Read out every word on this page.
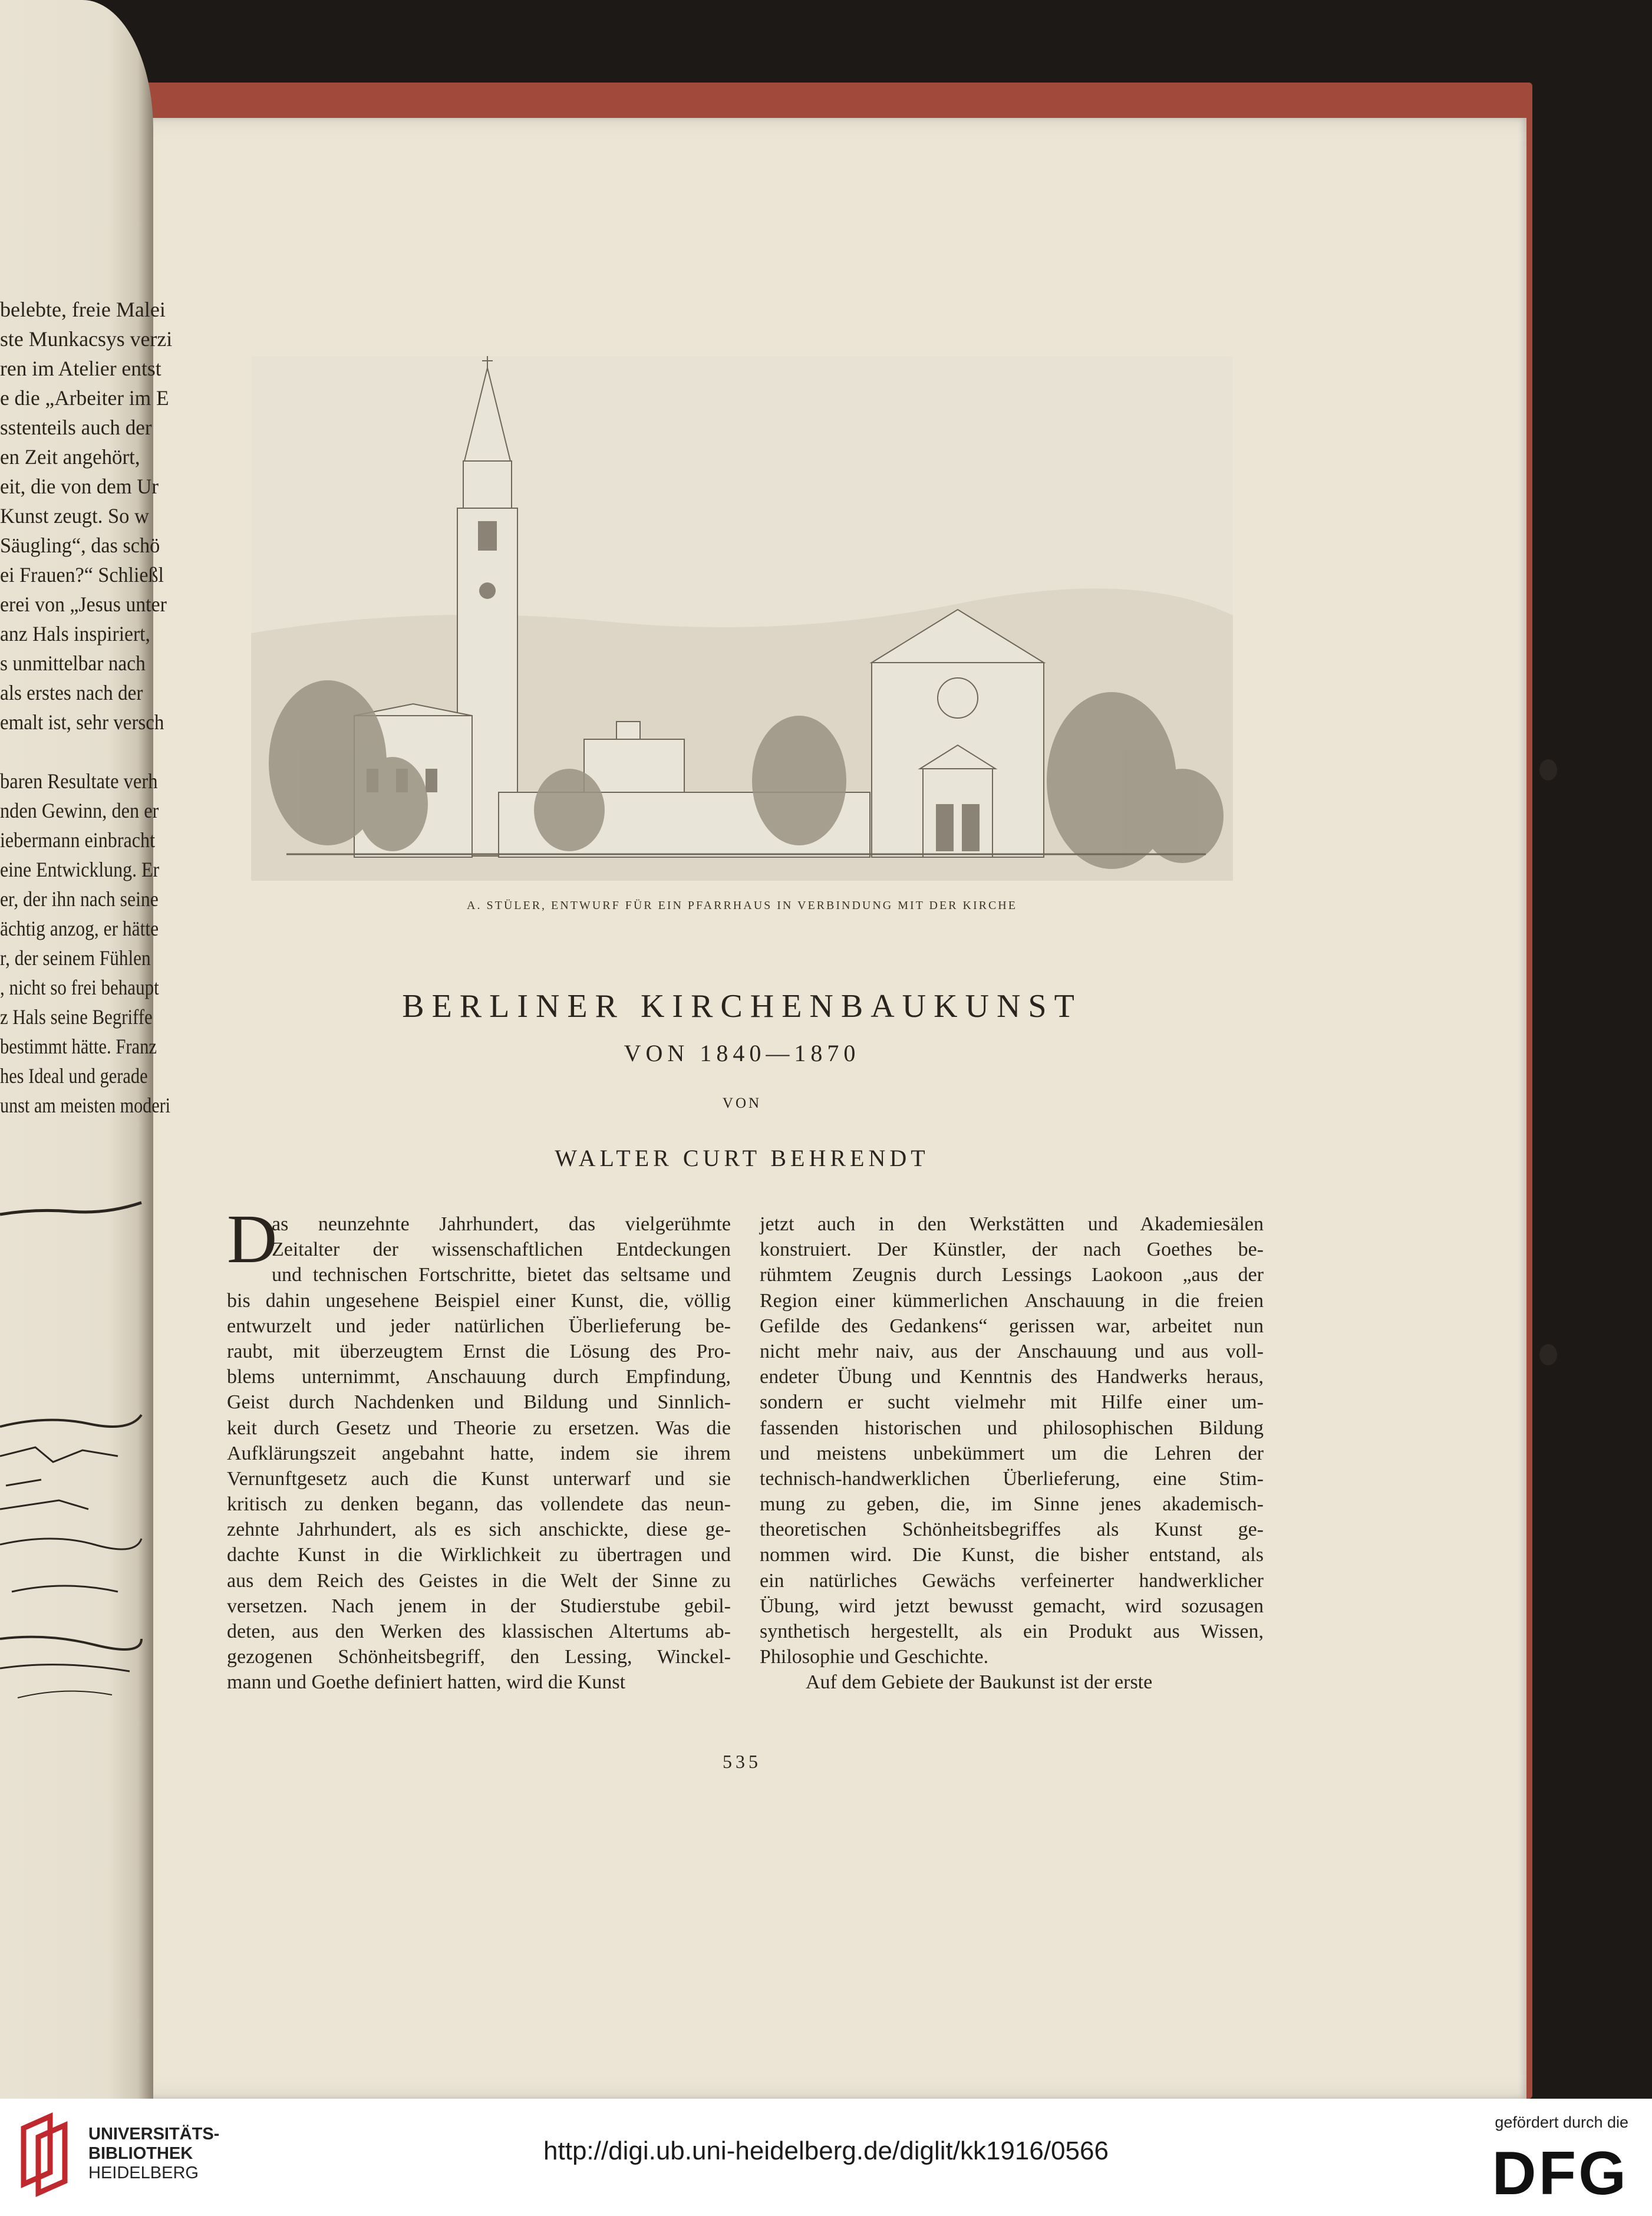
belebte, freie Malei
ste Munkacsys verzi
ren im Atelier entst
e die „Arbeiter im E
sstenteils auch der
en Zeit angehört,
eit, die von dem Ur
Kunst zeugt. So w
Säugling“, das schö
ei Frauen?“ Schließl
erei von „Jesus unter
anz Hals inspiriert,
s unmittelbar nach
als erstes nach der
emalt ist, sehr versch

baren Resultate verh
nden Gewinn, den er
iebermann einbracht
eine Entwicklung. Er
er, der ihn nach seine
ächtig anzog, er hätte
r, der seinem Fühlen
, nicht so frei behaupt
z Hals seine Begriffe
bestimmt hätte. Franz
hes Ideal und gerade
unst am meisten moderi
A. STÜLER, ENTWURF FÜR EIN PFARRHAUS IN VERBINDUNG MIT DER KIRCHE
BERLINER KIRCHENBAUKUNST
VON 1840—1870
VON
WALTER CURT BEHRENDT
D
as neunzehnte Jahrhundert, das vielgerühmte
Zeitalter der wissenschaftlichen Entdeckungen
und technischen Fortschritte, bietet das seltsame und
bis dahin ungesehene Beispiel einer Kunst, die, völlig
entwurzelt und jeder natürlichen Überlieferung be-
raubt, mit überzeugtem Ernst die Lösung des Pro-
blems unternimmt, Anschauung durch Empfindung,
Geist durch Nachdenken und Bildung und Sinnlich-
keit durch Gesetz und Theorie zu ersetzen. Was die
Aufklärungszeit angebahnt hatte, indem sie ihrem
Vernunftgesetz auch die Kunst unterwarf und sie
kritisch zu denken begann, das vollendete das neun-
zehnte Jahrhundert, als es sich anschickte, diese ge-
dachte Kunst in die Wirklichkeit zu übertragen und
aus dem Reich des Geistes in die Welt der Sinne zu
versetzen. Nach jenem in der Studierstube gebil-
deten, aus den Werken des klassischen Altertums ab-
gezogenen Schönheitsbegriff, den Lessing, Winckel-
mann und Goethe definiert hatten, wird die Kunst
jetzt auch in den Werkstätten und Akademiesälen
konstruiert. Der Künstler, der nach Goethes be-
rühmtem Zeugnis durch Lessings Laokoon „aus der
Region einer kümmerlichen Anschauung in die freien
Gefilde des Gedankens“ gerissen war, arbeitet nun
nicht mehr naiv, aus der Anschauung und aus voll-
endeter Übung und Kenntnis des Handwerks heraus,
sondern er sucht vielmehr mit Hilfe einer um-
fassenden historischen und philosophischen Bildung
und meistens unbekümmert um die Lehren der
technisch-handwerklichen Überlieferung, eine Stim-
mung zu geben, die, im Sinne jenes akademisch-
theoretischen Schönheitsbegriffes als Kunst ge-
nommen wird. Die Kunst, die bisher entstand, als
ein natürliches Gewächs verfeinerter handwerklicher
Übung, wird jetzt bewusst gemacht, wird sozusagen
synthetisch hergestellt, als ein Produkt aus Wissen,
Philosophie und Geschichte.
Auf dem Gebiete der Baukunst ist der erste
535
UNIVERSITÄTS-
BIBLIOTHEK
HEIDELBERG
http://digi.ub.uni-heidelberg.de/diglit/kk1916/0566
gefördert durch die
DFG
